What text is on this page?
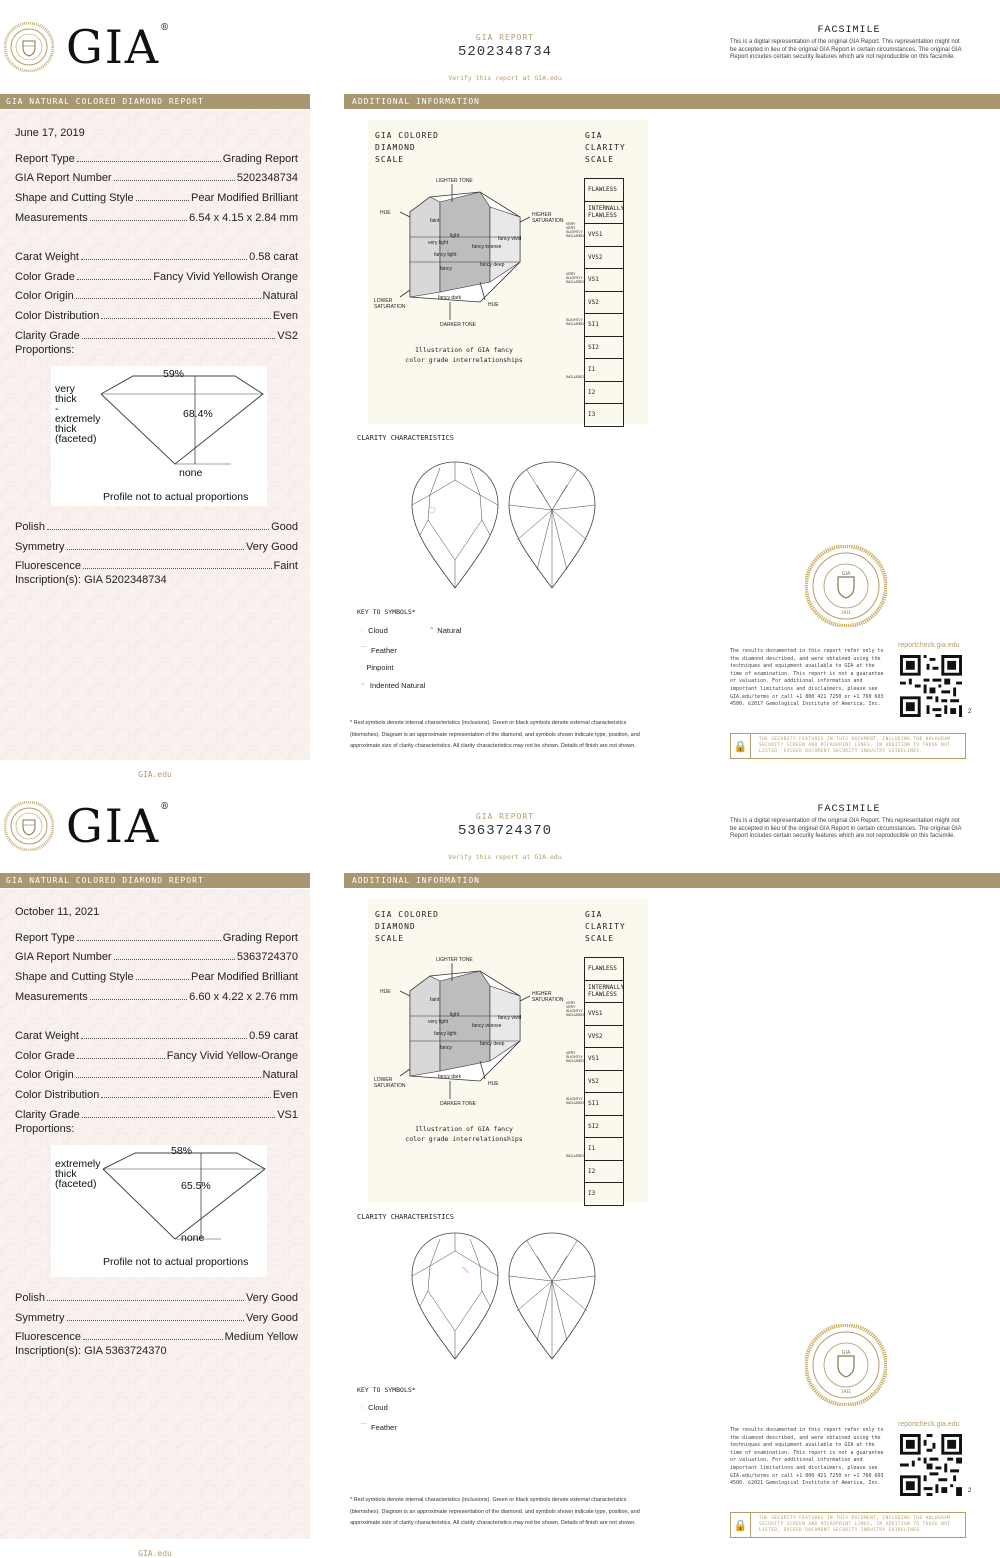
GIA®
GIA REPORT
5202348734
Verify this report at GIA.edu
FACSIMILE
This is a digital representation of the original GIA Report. This representation might not be accepted in lieu of the original GIA Report in certain circumstances. The original GIA Report includes certain security features which are not reproducible on this facsimile.
GIA NATURAL COLORED DIAMOND REPORT	ADDITIONAL INFORMATION
June 17, 2019
Report Type	Grading Report
GIA Report Number	5202348734
Shape and Cutting Style	Pear Modified Brilliant
Measurements	6.54 x 4.15 x 2.84 mm
Carat Weight	0.58 carat
Color Grade	Fancy Vivid Yellowish Orange
Color Origin	Natural
Color Distribution	Even
Clarity Grade	VS2
Proportions:
59%
68.4%
very
thick
-
extremely
thick
(faceted)
none
Profile not to actual proportions
Polish	Good
Symmetry	Very Good
Fluorescence	Faint
Inscription(s): GIA 5202348734
GIA.edu
GIA COLORED
DIAMOND
SCALE
GIA
CLARITY
SCALE
LIGHTER TONE
HUE	HIGHER SATURATION
LOWER SATURATION
DARKER TONE
HUE
faint
very light
light
fancy light
fancy
fancy intense
fancy vivid
fancy deep
fancy dark
Illustration of GIA fancy color grade interrelationships
FLAWLESS
INTERNALLY FLAWLESS
VVS1
VVS2
VS1
VS2
SI1
SI2
I1
I2
I3
VERY VERY SLIGHTLY INCLUDED
VERY SLIGHTLY INCLUDED
SLIGHTLY INCLUDED
INCLUDED
CLARITY CHARACTERISTICS
KEY TO SYMBOLS*
◌ Cloud	^ Natural
⌒ Feather
· Pinpoint
⌃ Indented Natural
* Red symbols denote internal characteristics (inclusions). Green or black symbols denote external characteristics (blemishes). Diagram is an approximate representation of the diamond, and symbols shown indicate type, position, and approximate size of clarity characteristics. All clarity characteristics may not be shown. Details of finish are not shown.
GIA
1931
The results documented in this report refer only to the diamond described, and were obtained using the techniques and equipment available to GIA at the time of examination. This report is not a guarantee or valuation. For additional information and important limitations and disclaimers, please see GIA.edu/terms or call +1 800 421 7250 or +1 760 603 4500. ©2017 Gemological Institute of America, Inc.
reportcheck.gia.edu
2
🔒	THE SECURITY FEATURES IN THIS DOCUMENT, INCLUDING THE HOLOGRAM SECURITY SCREEN AND MICROPRINT LINES, IN ADDITION TO THOSE NOT LISTED, EXCEED DOCUMENT SECURITY INDUSTRY GUIDELINES.
GIA®
GIA REPORT
5363724370
Verify this report at GIA.edu
FACSIMILE
This is a digital representation of the original GIA Report. This representation might not be accepted in lieu of the original GIA Report in certain circumstances. The original GIA Report includes certain security features which are not reproducible on this facsimile.
GIA NATURAL COLORED DIAMOND REPORT	ADDITIONAL INFORMATION
October 11, 2021
Report Type	Grading Report
GIA Report Number	5363724370
Shape and Cutting Style	Pear Modified Brilliant
Measurements	6.60 x 4.22 x 2.76 mm
Carat Weight	0.59 carat
Color Grade	Fancy Vivid Yellow-Orange
Color Origin	Natural
Color Distribution	Even
Clarity Grade	VS1
Proportions:
58%
65.5%
extremely
thick
(faceted)
none
Profile not to actual proportions
Polish	Very Good
Symmetry	Very Good
Fluorescence	Medium Yellow
Inscription(s): GIA 5363724370
GIA.edu
GIA COLORED
DIAMOND
SCALE
GIA
CLARITY
SCALE
LIGHTER TONE
HUE	HIGHER SATURATION
LOWER SATURATION
DARKER TONE
HUE
faint
very light
light
fancy light
fancy
fancy intense
fancy vivid
fancy deep
fancy dark
Illustration of GIA fancy color grade interrelationships
FLAWLESS
INTERNALLY FLAWLESS
VVS1
VVS2
VS1
VS2
SI1
SI2
I1
I2
I3
VERY VERY SLIGHTLY INCLUDED
VERY SLIGHTLY INCLUDED
SLIGHTLY INCLUDED
INCLUDED
CLARITY CHARACTERISTICS
KEY TO SYMBOLS*
◌ Cloud
⌒ Feather
* Red symbols denote internal characteristics (inclusions). Green or black symbols denote external characteristics (blemishes). Diagram is an approximate representation of the diamond, and symbols shown indicate type, position, and approximate size of clarity characteristics. All clarity characteristics may not be shown. Details of finish are not shown.
GIA
1931
The results documented in this report refer only to the diamond described, and were obtained using the techniques and equipment available to GIA at the time of examination. This report is not a guarantee or valuation. For additional information and important limitations and disclaimers, please see GIA.edu/terms or call +1 800 421 7250 or +1 760 603 4500. ©2021 Gemological Institute of America, Inc.
reportcheck.gia.edu
2
🔒	THE SECURITY FEATURES IN THIS DOCUMENT, INCLUDING THE HOLOGRAM SECURITY SCREEN AND MICROPRINT LINES, IN ADDITION TO THOSE NOT LISTED, EXCEED DOCUMENT SECURITY INDUSTRY GUIDELINES.
